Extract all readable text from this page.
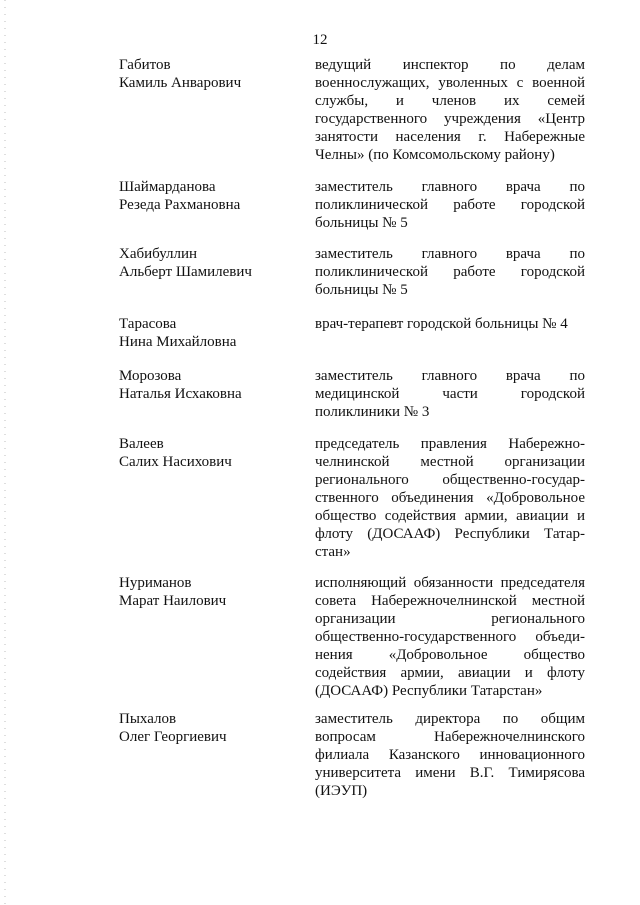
12
Габитов
Камиль Анварович
ведущий инспектор по делам военнослужащих, уволенных с военной службы, и членов их семей государственного учреждения «Центр занятости населения г. Набережные Челны» (по Комсомольскому району)
Шаймарданова
Резеда Рахмановна
заместитель главного врача по поликлинической работе городской больницы № 5
Хабибуллин
Альберт Шамилевич
заместитель главного врача по поликлинической работе городской больницы № 5
Тарасова
Нина Михайловна
врач-терапевт городской больницы № 4
Морозова
Наталья Исхаковна
заместитель главного врача по медицинской части городской поликлиники № 3
Валеев
Салих Насихович
председатель правления Набережно-челнинской местной организации регионального общественно-государ-ственного объединения «Добровольное общество содействия армии, авиации и флоту (ДОСААФ) Республики Татар-стан»
Нуриманов
Марат Наилович
исполняющий обязанности председателя совета Набережночелнинской местной организации регионального общественно-государственного объеди-нения «Добровольное общество содействия армии, авиации и флоту (ДОСААФ) Республики Татарстан»
Пыхалов
Олег Георгиевич
заместитель директора по общим вопросам Набережночелнинского филиала Казанского инновационного университета имени В.Г. Тимирясова (ИЭУП)
